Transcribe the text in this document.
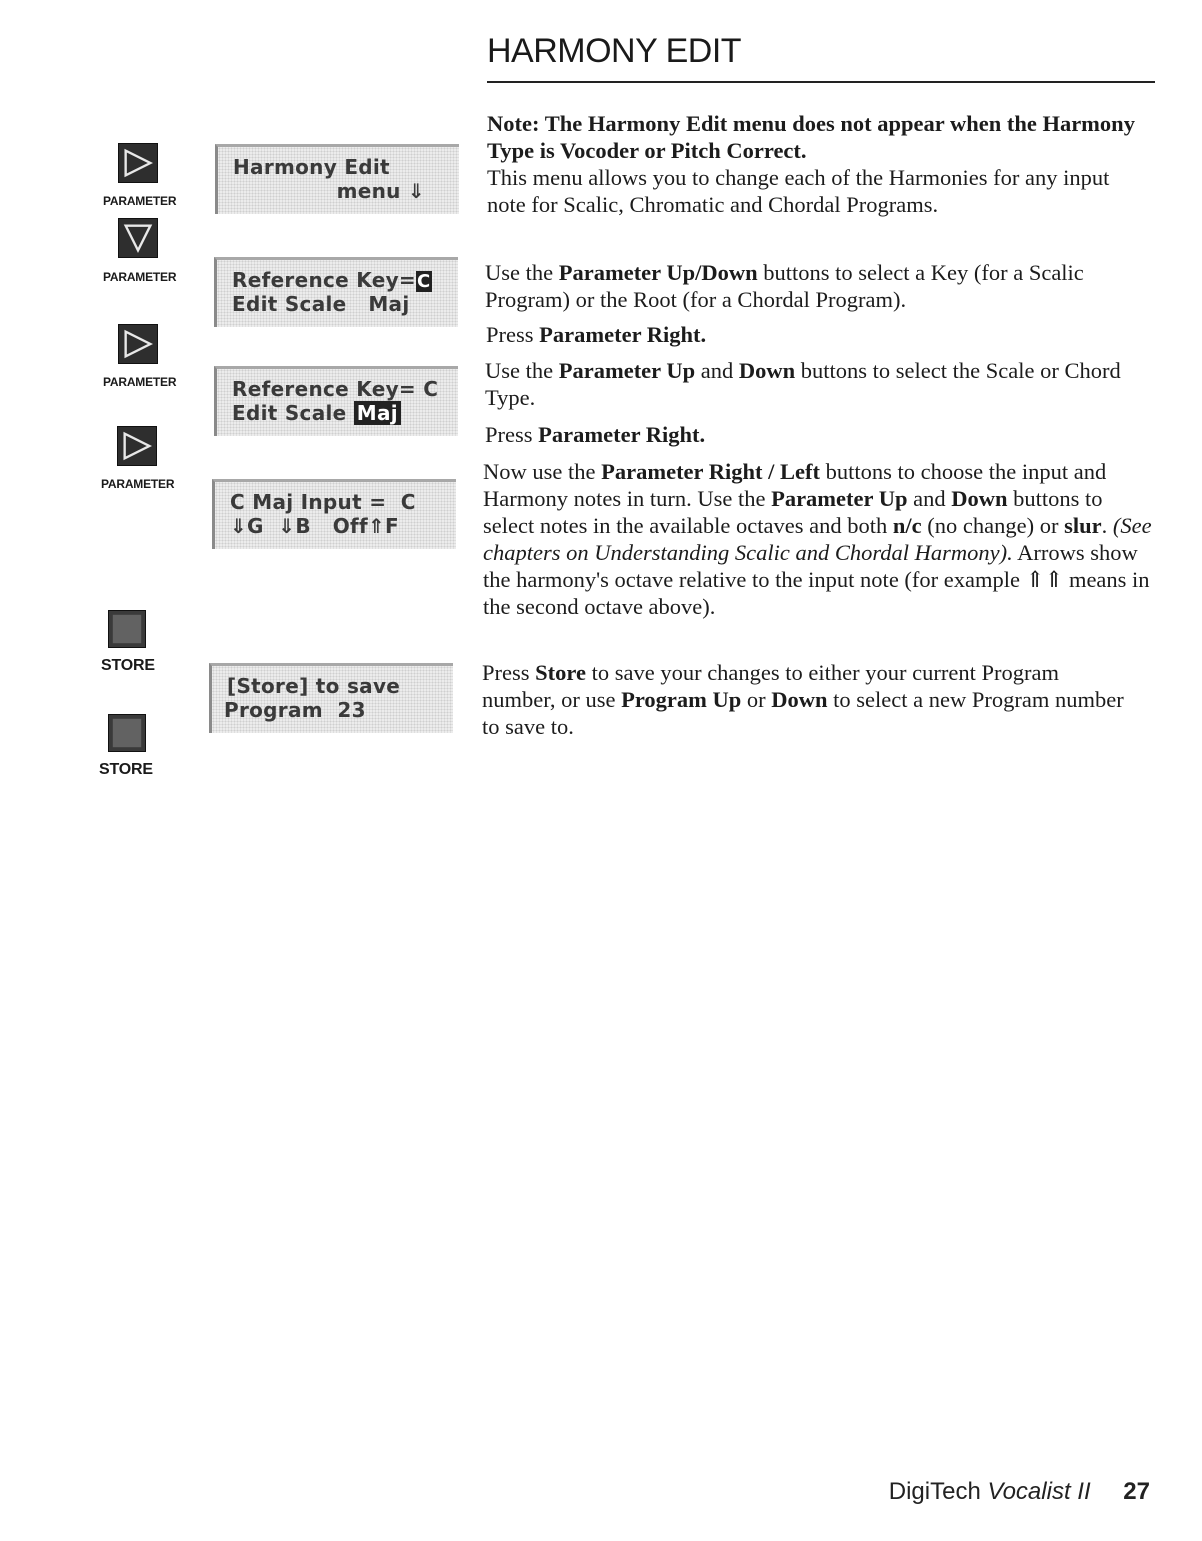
HARMONY EDIT
PARAMETER
PARAMETER
PARAMETER
PARAMETER
STORE
STORE
Harmony Edit
menu ⇓
Reference Key=C
Edit Scale   Maj
Reference Key= C
Edit Scale Maj
C Maj Input =  C
⇓G  ⇓B   Off⇑F
[Store] to save
Program  23

Note: The Harmony Edit menu does not appear when the Harmony Type is Vocoder or Pitch Correct.
This menu allows you to change each of the Harmonies for any input note for Scalic, Chromatic and Chordal Programs.

Use the Parameter Up/Down buttons to select a Key (for a Scalic Program) or the Root (for a Chordal Program).

Press Parameter Right.

Use the Parameter Up and Down buttons to select the Scale or Chord Type.

Press Parameter Right.

Now use the Parameter Right / Left buttons to choose the input and Harmony notes in turn. Use the Parameter Up and Down buttons to select notes in the available octaves and both n/c (no change) or slur. (See chapters on Understanding Scalic and Chordal Harmony). Arrows show the harmony's octave relative to the input note (for example ⇑⇑ means in the second octave above).

Press Store to save your changes to either your current Program number, or use Program Up or Down to select a new Program number to save to.

DigiTech Vocalist II 27
